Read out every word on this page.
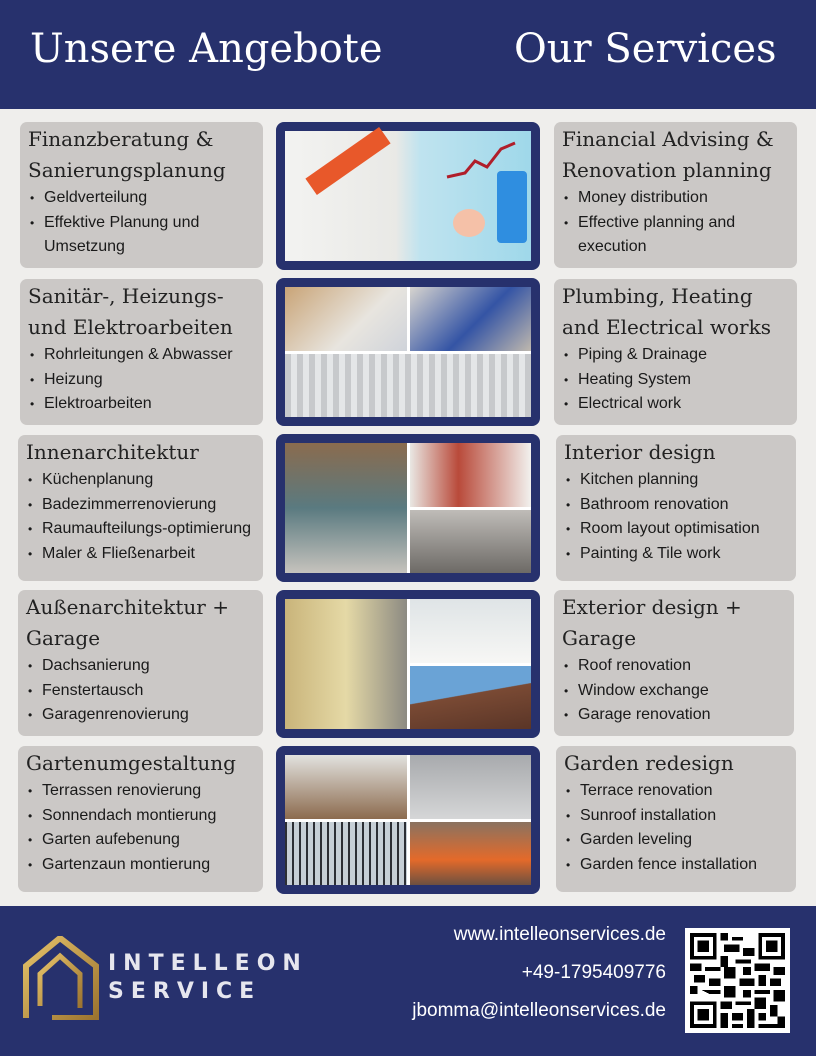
Unsere Angebote	Our Services
Finanzberatung & Sanierungsplanung
• Geldverteilung
• Effektive Planung und Umsetzung
Financial Advising & Renovation planning
• Money distribution
• Effective planning and execution
Sanitär-, Heizungs- und Elektroarbeiten
• Rohrleitungen & Abwasser
• Heizung
• Elektroarbeiten
Plumbing, Heating and Electrical works
• Piping & Drainage
• Heating System
• Electrical work
Innenarchitektur
• Küchenplanung
• Badezimmerrenovierung
• Raumaufteilungs-optimierung
• Maler & Fließenarbeit
Interior design
• Kitchen planning
• Bathroom renovation
• Room layout optimisation
• Painting & Tile work
Außenarchitektur + Garage
• Dachsanierung
• Fenstertausch
• Garagenrenovierung
Exterior design + Garage
• Roof renovation
• Window exchange
• Garage renovation
Gartenumgestaltung
• Terrassen renovierung
• Sonnendach montierung
• Garten aufebenung
• Gartenzaun montierung
Garden redesign
• Terrace renovation
• Sunroof installation
• Garden leveling
• Garden fence installation
INTELLEON
SERVICE
www.intelleonservices.de
+49-1795409776
jbomma@intelleonservices.de
